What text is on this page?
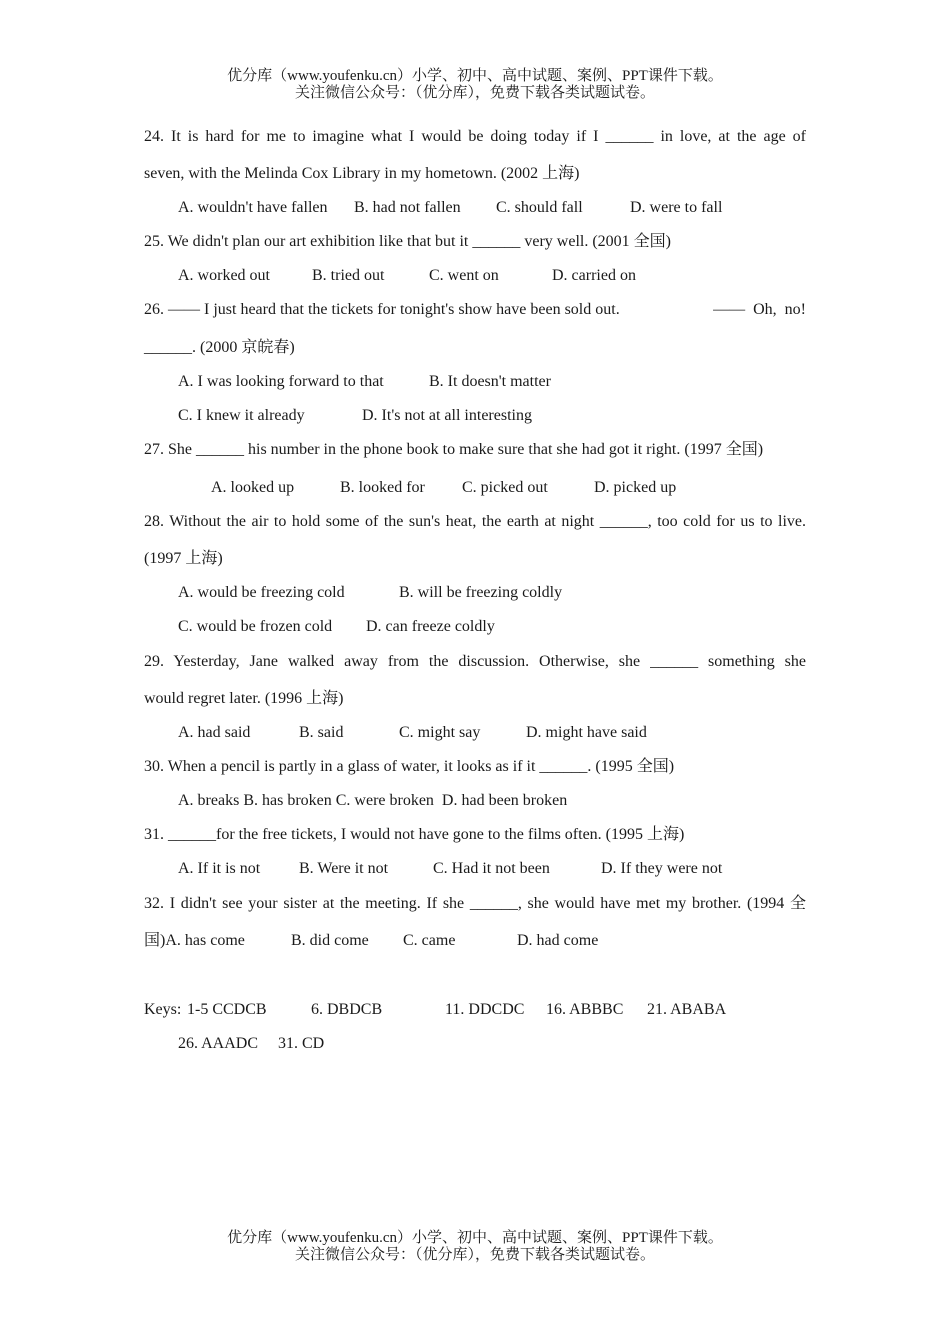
优分库（www.youfenku.cn）小学、初中、高中试题、案例、PPT课件下载。
关注微信公众号：（优分库），免费下载各类试题试卷。
24. It is hard for me to imagine what I would be doing today if I ______ in love, at the age of
seven, with the Melinda Cox Library in my hometown. (2002 上海)
A. wouldn't have fallen B. had not fallen C. should fall	D. were to fall
25. We didn't plan our art exhibition like that but it ______ very well. (2001 全国)
A. worked out	B. tried out	C. went on	D. carried on
26. —— I just heard that the tickets for tonight's show have been sold out.	——  Oh,  no!
______. (2000 京皖春)
A. I was looking forward to that	B. It doesn't matter
C. I knew it already	D. It's not at all interesting
27. She ______ his number in the phone book to make sure that she had got it right. (1997 全国)
A. looked up	B. looked for C. picked out	D. picked up
28. Without the air to hold some of the sun's heat, the earth at night ______, too cold for us to live.
(1997 上海)
A. would be freezing cold	B. will be freezing coldly
C. would be frozen cold D. can freeze coldly
29. Yesterday, Jane walked away from the discussion. Otherwise, she ______ something she
would regret later. (1996 上海)
A. had said	B. said	C. might say	D. might have said
30. When a pencil is partly in a glass of water, it looks as if it ______. (1995 全国)
A. breaks B. has broken C. were broken  D. had been broken
31. ______for the free tickets, I would not have gone to the films often. (1995 上海)
A. If it is not B. Were it not	C. Had it not been	D. If they were not
32. I didn't see your sister at the meeting. If she ______, she would have met my brother. (1994 全
国)A. has come	B. did come C. came	D. had come
Keys: 1-5 CCDCB	6. DBDCB	11. DDCDC 16. ABBBC 21. ABABA
26. AAADC 31. CD
优分库（www.youfenku.cn）小学、初中、高中试题、案例、PPT课件下载。
关注微信公众号：（优分库），免费下载各类试题试卷。
